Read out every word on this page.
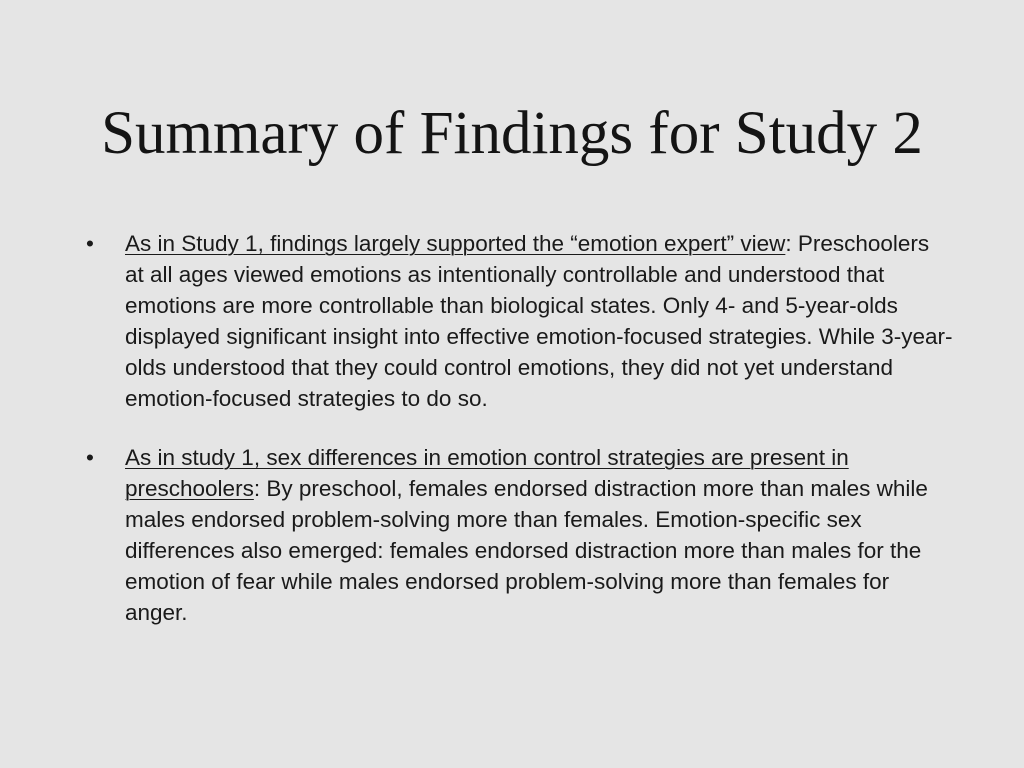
Summary of Findings for Study 2
• As in Study 1, findings largely supported the “emotion expert” view: Preschoolers at all ages viewed emotions as intentionally controllable and understood that emotions are more controllable than biological states. Only 4- and 5-year-olds displayed significant insight into effective emotion-focused strategies. While 3-year-olds understood that they could control emotions, they did not yet understand emotion-focused strategies to do so.
• As in study 1, sex differences in emotion control strategies are present in preschoolers: By preschool, females endorsed distraction more than males while males endorsed problem-solving more than females. Emotion-specific sex differences also emerged: females endorsed distraction more than males for the emotion of fear while males endorsed problem-solving more than females for anger.
